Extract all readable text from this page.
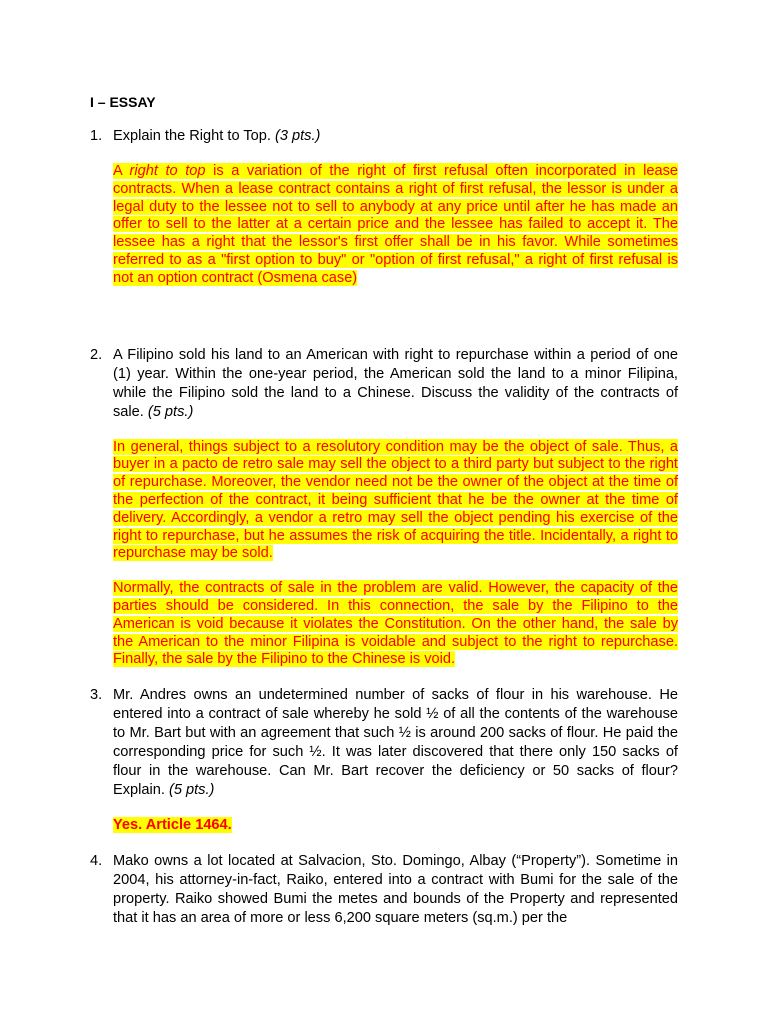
I – ESSAY
1. Explain the Right to Top. (3 pts.)
A right to top is a variation of the right of first refusal often incorporated in lease contracts. When a lease contract contains a right of first refusal, the lessor is under a legal duty to the lessee not to sell to anybody at any price until after he has made an offer to sell to the latter at a certain price and the lessee has failed to accept it. The lessee has a right that the lessor's first offer shall be in his favor. While sometimes referred to as a "first option to buy" or "option of first refusal," a right of first refusal is not an option contract (Osmena case)
2. A Filipino sold his land to an American with right to repurchase within a period of one (1) year. Within the one-year period, the American sold the land to a minor Filipina, while the Filipino sold the land to a Chinese. Discuss the validity of the contracts of sale. (5 pts.)
In general, things subject to a resolutory condition may be the object of sale. Thus, a buyer in a pacto de retro sale may sell the object to a third party but subject to the right of repurchase. Moreover, the vendor need not be the owner of the object at the time of the perfection of the contract, it being sufficient that he be the owner at the time of delivery. Accordingly, a vendor a retro may sell the object pending his exercise of the right to repurchase, but he assumes the risk of acquiring the title. Incidentally, a right to repurchase may be sold.
Normally, the contracts of sale in the problem are valid. However, the capacity of the parties should be considered. In this connection, the sale by the Filipino to the American is void because it violates the Constitution. On the other hand, the sale by the American to the minor Filipina is voidable and subject to the right to repurchase. Finally, the sale by the Filipino to the Chinese is void.
3. Mr. Andres owns an undetermined number of sacks of flour in his warehouse. He entered into a contract of sale whereby he sold ½ of all the contents of the warehouse to Mr. Bart but with an agreement that such ½ is around 200 sacks of flour. He paid the corresponding price for such ½. It was later discovered that there only 150 sacks of flour in the warehouse. Can Mr. Bart recover the deficiency or 50 sacks of flour? Explain. (5 pts.)
Yes. Article 1464.
4. Mako owns a lot located at Salvacion, Sto. Domingo, Albay (“Property”). Sometime in 2004, his attorney-in-fact, Raiko, entered into a contract with Bumi for the sale of the property. Raiko showed Bumi the metes and bounds of the Property and represented that it has an area of more or less 6,200 square meters (sq.m.) per the
